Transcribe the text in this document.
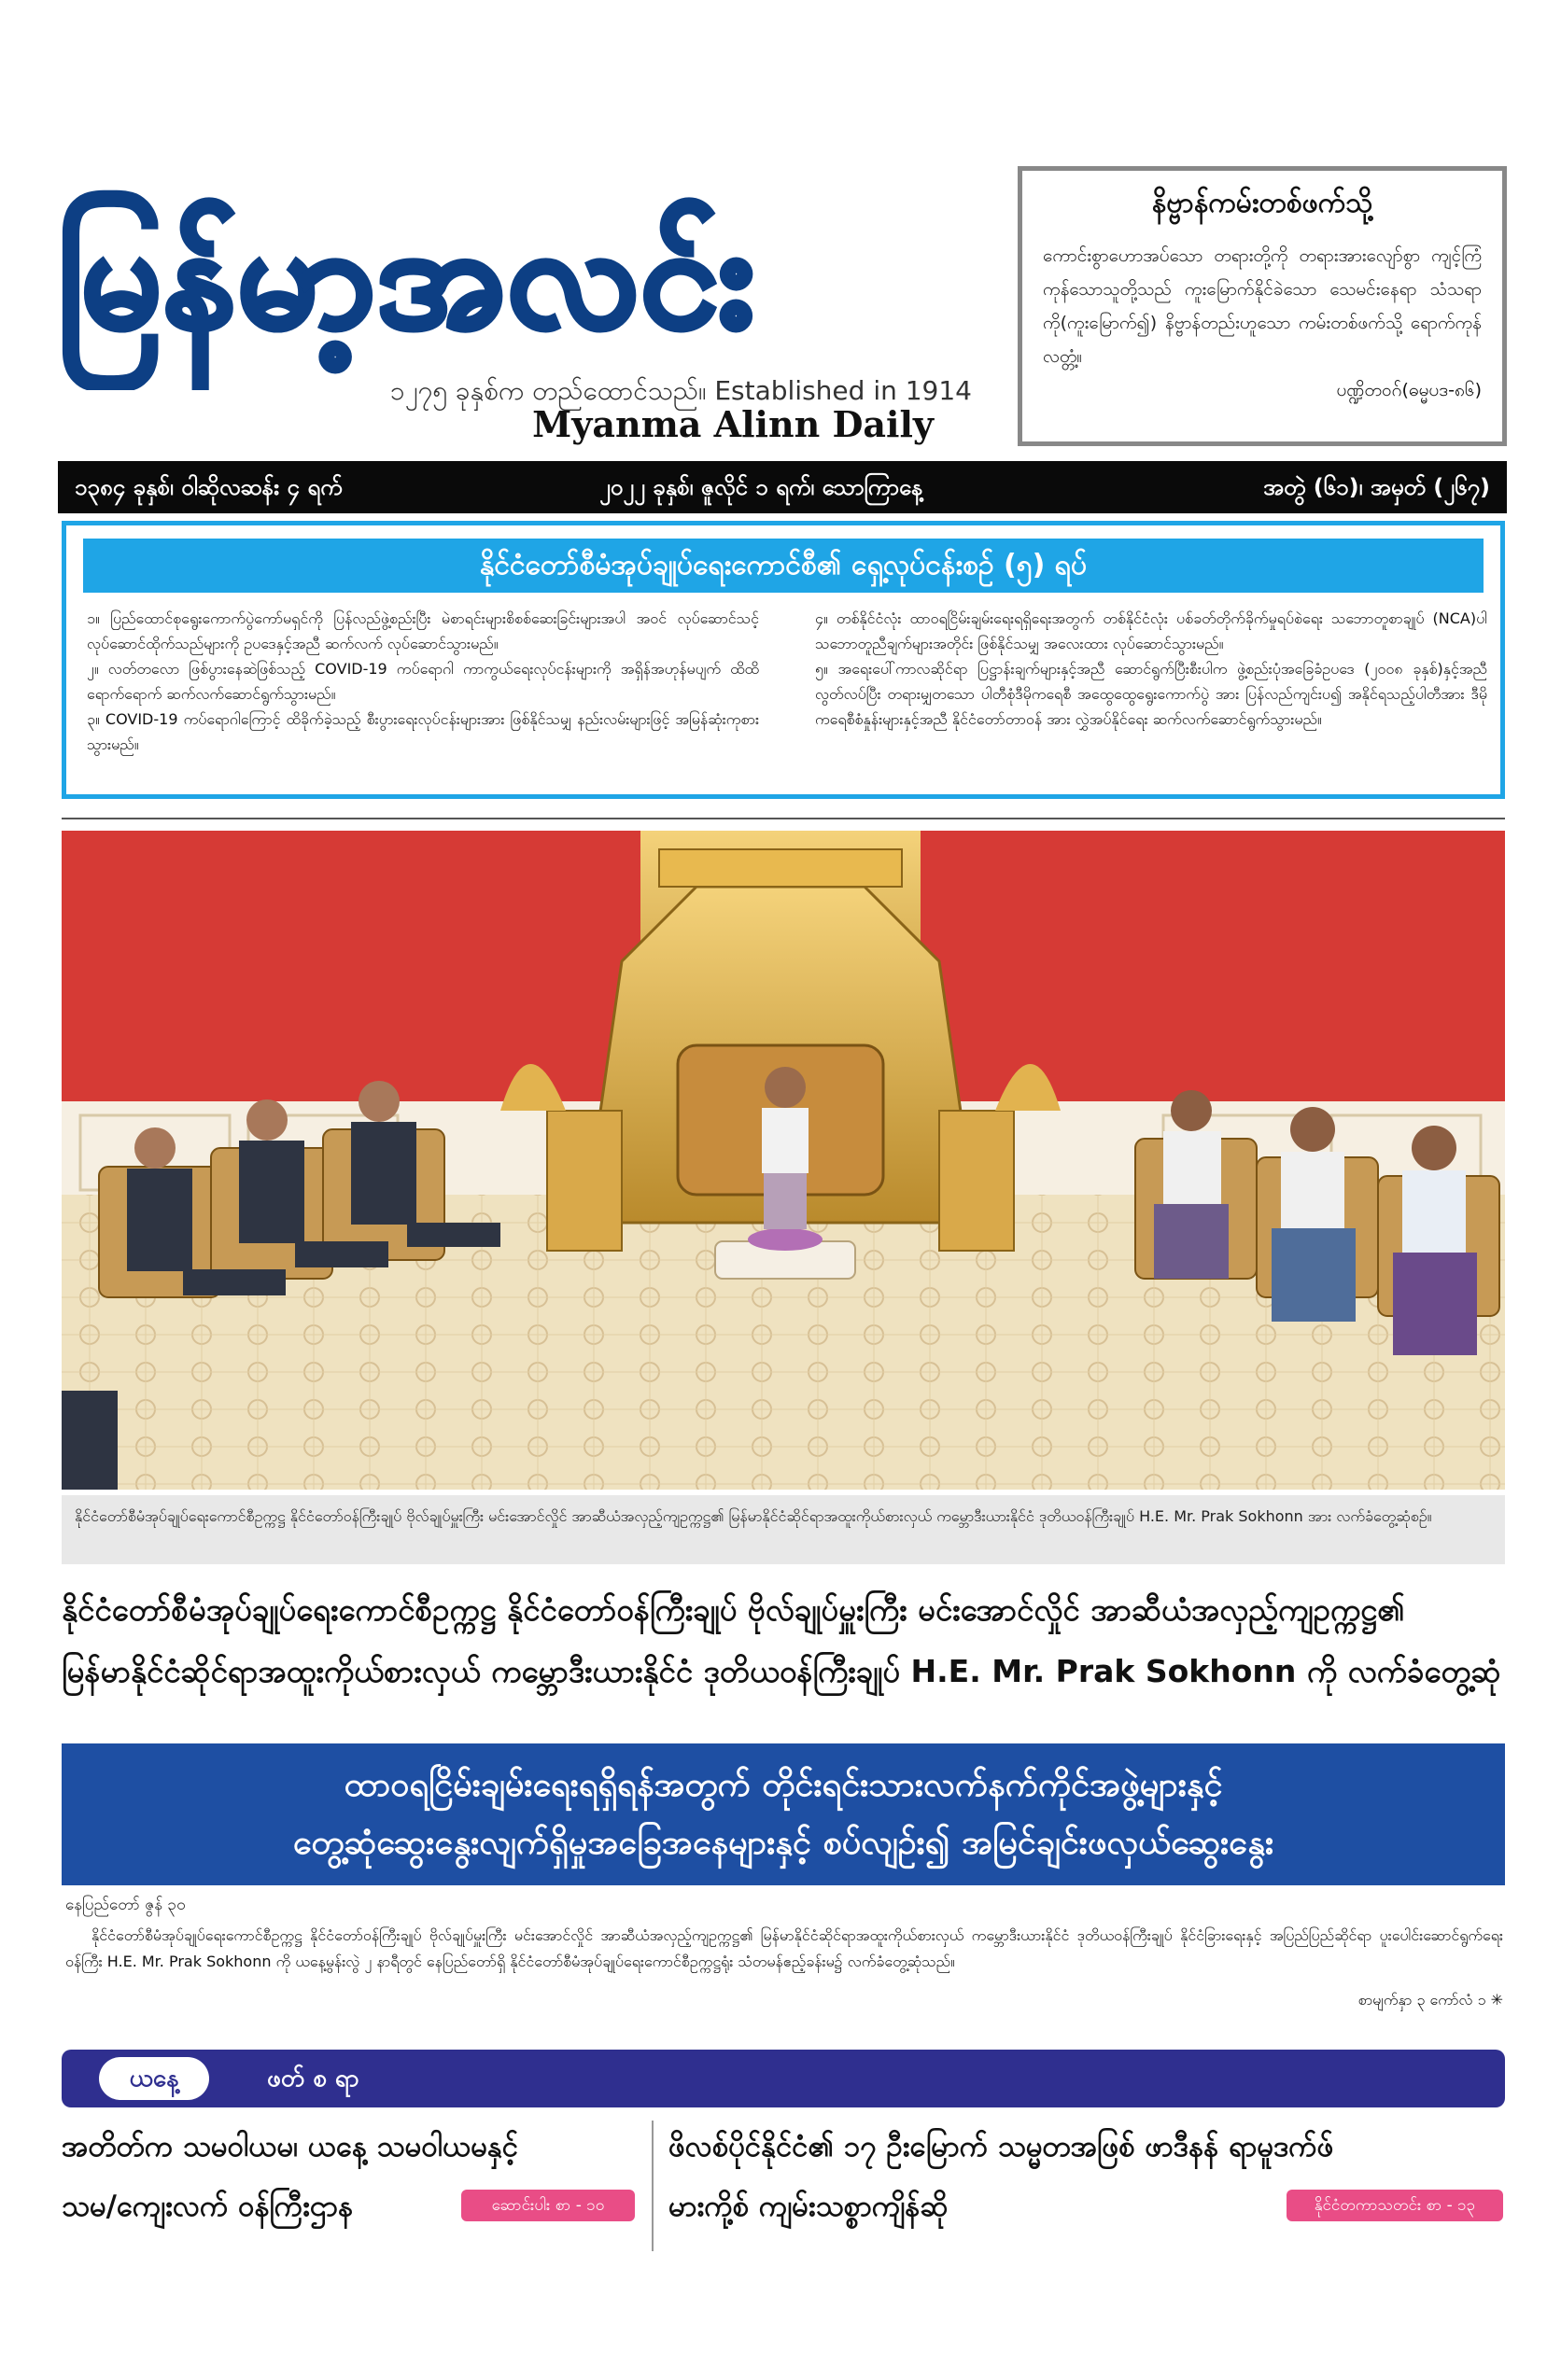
မြန်မာ့အလင်း
၁၂၇၅ ခုနှစ်က တည်ထောင်သည်။ Established in 1914
Myanma Alinn Daily
နိဗ္ဗာန်ကမ်းတစ်ဖက်သို့
ကောင်းစွာဟောအပ်သော တရားတို့ကို တရားအားလျော်စွာ ကျင့်ကြံကုန်သောသူတို့သည် ကူးမြောက်နိုင်ခဲသော သေမင်းနေရာ သံသရာကို(ကူးမြောက်၍) နိဗ္ဗာန်တည်းဟူသော ကမ်းတစ်ဖက်သို့ ရောက်ကုန်လတ္တံ့။
ပဏ္ဍိတဝဂ်(ဓမ္မပဒ-၈၆)
၁၃၈၄ ခုနှစ်၊ ဝါဆိုလဆန်း ၄ ရက်	၂၀၂၂ ခုနှစ်၊ ဇူလိုင် ၁ ရက်၊ သောကြာနေ့	အတွဲ (၆၁)၊ အမှတ် (၂၆၇)
နိုင်ငံတော်စီမံအုပ်ချုပ်ရေးကောင်စီ၏ ရှေ့လုပ်ငန်းစဉ် (၅) ရပ်
၁။ ပြည်ထောင်စုရွေးကောက်ပွဲကော်မရှင်ကို ပြန်လည်ဖွဲ့စည်းပြီး မဲစာရင်းများစိစစ်ဆေးခြင်းများအပါ အဝင် လုပ်ဆောင်သင့် လုပ်ဆောင်ထိုက်သည်များကို ဥပဒေနှင့်အညီ ဆက်လက် လုပ်ဆောင်သွားမည်။
၂။ လတ်တလော ဖြစ်ပွားနေဆဲဖြစ်သည့် COVID-19 ကပ်ရောဂါ ကာကွယ်ရေးလုပ်ငန်းများကို အရှိန်အဟုန်မပျက် ထိထိရောက်ရောက် ဆက်လက်ဆောင်ရွက်သွားမည်။
၃။ COVID-19 ကပ်ရောဂါကြောင့် ထိခိုက်ခဲ့သည့် စီးပွားရေးလုပ်ငန်းများအား ဖြစ်နိုင်သမျှ နည်းလမ်းများဖြင့် အမြန်ဆုံးကုစားသွားမည်။
၄။ တစ်နိုင်ငံလုံး ထာဝရငြိမ်းချမ်းရေးရရှိရေးအတွက် တစ်နိုင်ငံလုံး ပစ်ခတ်တိုက်ခိုက်မှုရပ်စဲရေး သဘောတူစာချုပ် (NCA)ပါ သဘောတူညီချက်များအတိုင်း ဖြစ်နိုင်သမျှ အလေးထား လုပ်ဆောင်သွားမည်။
၅။ အရေးပေါ်ကာလဆိုင်ရာ ပြဋ္ဌာန်းချက်များနှင့်အညီ ဆောင်ရွက်ပြီးစီးပါက ဖွဲ့စည်းပုံအခြေခံဥပဒေ (၂၀၀၈ ခုနှစ်)နှင့်အညီ လွတ်လပ်ပြီး တရားမျှတသော ပါတီစုံဒီမိုကရေစီ အထွေထွေရွေးကောက်ပွဲ အား ပြန်လည်ကျင်းပ၍ အနိုင်ရသည့်ပါတီအား ဒီမိုကရေစီစံနှုန်းများနှင့်အညီ နိုင်ငံတော်တာဝန် အား လွှဲအပ်နိုင်ရေး ဆက်လက်ဆောင်ရွက်သွားမည်။
နိုင်ငံတော်စီမံအုပ်ချုပ်ရေးကောင်စီဥက္ကဋ္ဌ နိုင်ငံတော်ဝန်ကြီးချုပ် ဗိုလ်ချုပ်မှူးကြီး မင်းအောင်လှိုင် အာဆီယံအလှည့်ကျဥက္ကဋ္ဌ၏ မြန်မာနိုင်ငံဆိုင်ရာအထူးကိုယ်စားလှယ် ကမ္ဘောဒီးယားနိုင်ငံ ဒုတိယဝန်ကြီးချုပ် H.E. Mr. Prak Sokhonn အား လက်ခံတွေ့ဆုံစဉ်။
နိုင်ငံတော်စီမံအုပ်ချုပ်ရေးကောင်စီဥက္ကဋ္ဌ နိုင်ငံတော်ဝန်ကြီးချုပ် ဗိုလ်ချုပ်မှူးကြီး မင်းအောင်လှိုင် အာဆီယံအလှည့်ကျဥက္ကဋ္ဌ၏
မြန်မာနိုင်ငံဆိုင်ရာအထူးကိုယ်စားလှယ် ကမ္ဘောဒီးယားနိုင်ငံ ဒုတိယဝန်ကြီးချုပ် H.E. Mr. Prak Sokhonn ကို လက်ခံတွေ့ဆုံ
ထာဝရငြိမ်းချမ်းရေးရရှိရန်အတွက် တိုင်းရင်းသားလက်နက်ကိုင်အဖွဲ့များနှင့်
တွေ့ဆုံဆွေးနွေးလျက်ရှိမှုအခြေအနေများနှင့် စပ်လျဉ်း၍ အမြင်ချင်းဖလှယ်ဆွေးနွေး
နေပြည်တော် ဇွန် ၃၀
နိုင်ငံတော်စီမံအုပ်ချုပ်ရေးကောင်စီဥက္ကဋ္ဌ နိုင်ငံတော်ဝန်ကြီးချုပ် ဗိုလ်ချုပ်မှူးကြီး မင်းအောင်လှိုင် အာဆီယံအလှည့်ကျဥက္ကဋ္ဌ၏ မြန်မာနိုင်ငံဆိုင်ရာအထူးကိုယ်စားလှယ် ကမ္ဘောဒီးယားနိုင်ငံ ဒုတိယဝန်ကြီးချုပ် နိုင်ငံခြားရေးနှင့် အပြည်ပြည်ဆိုင်ရာ ပူးပေါင်းဆောင်ရွက်ရေးဝန်ကြီး H.E. Mr. Prak Sokhonn ကို ယနေ့မွန်းလွဲ ၂ နာရီတွင် နေပြည်တော်ရှိ နိုင်ငံတော်စီမံအုပ်ချုပ်ရေးကောင်စီဥက္ကဋ္ဌရုံး သံတမန်ဧည့်ခန်းမ၌ လက်ခံတွေ့ဆုံသည်။
စာမျက်နှာ ၃ ကော်လံ ၁ ✳
ယနေ့	ဖတ် စ ရာ
အတိတ်က သမဝါယမ၊ ယနေ့ သမဝါယမနှင့်
သမ/ကျေးလက် ဝန်ကြီးဌာန	ဆောင်းပါး စာ - ၁၀
ဖိလစ်ပိုင်နိုင်ငံ၏ ၁၇ ဦးမြောက် သမ္မတအဖြစ် ဖာဒီနန် ရာမူဒက်ဖ်
မားကို့စ် ကျမ်းသစ္စာကျိန်ဆို	နိုင်ငံတကာသတင်း စာ - ၁၃
